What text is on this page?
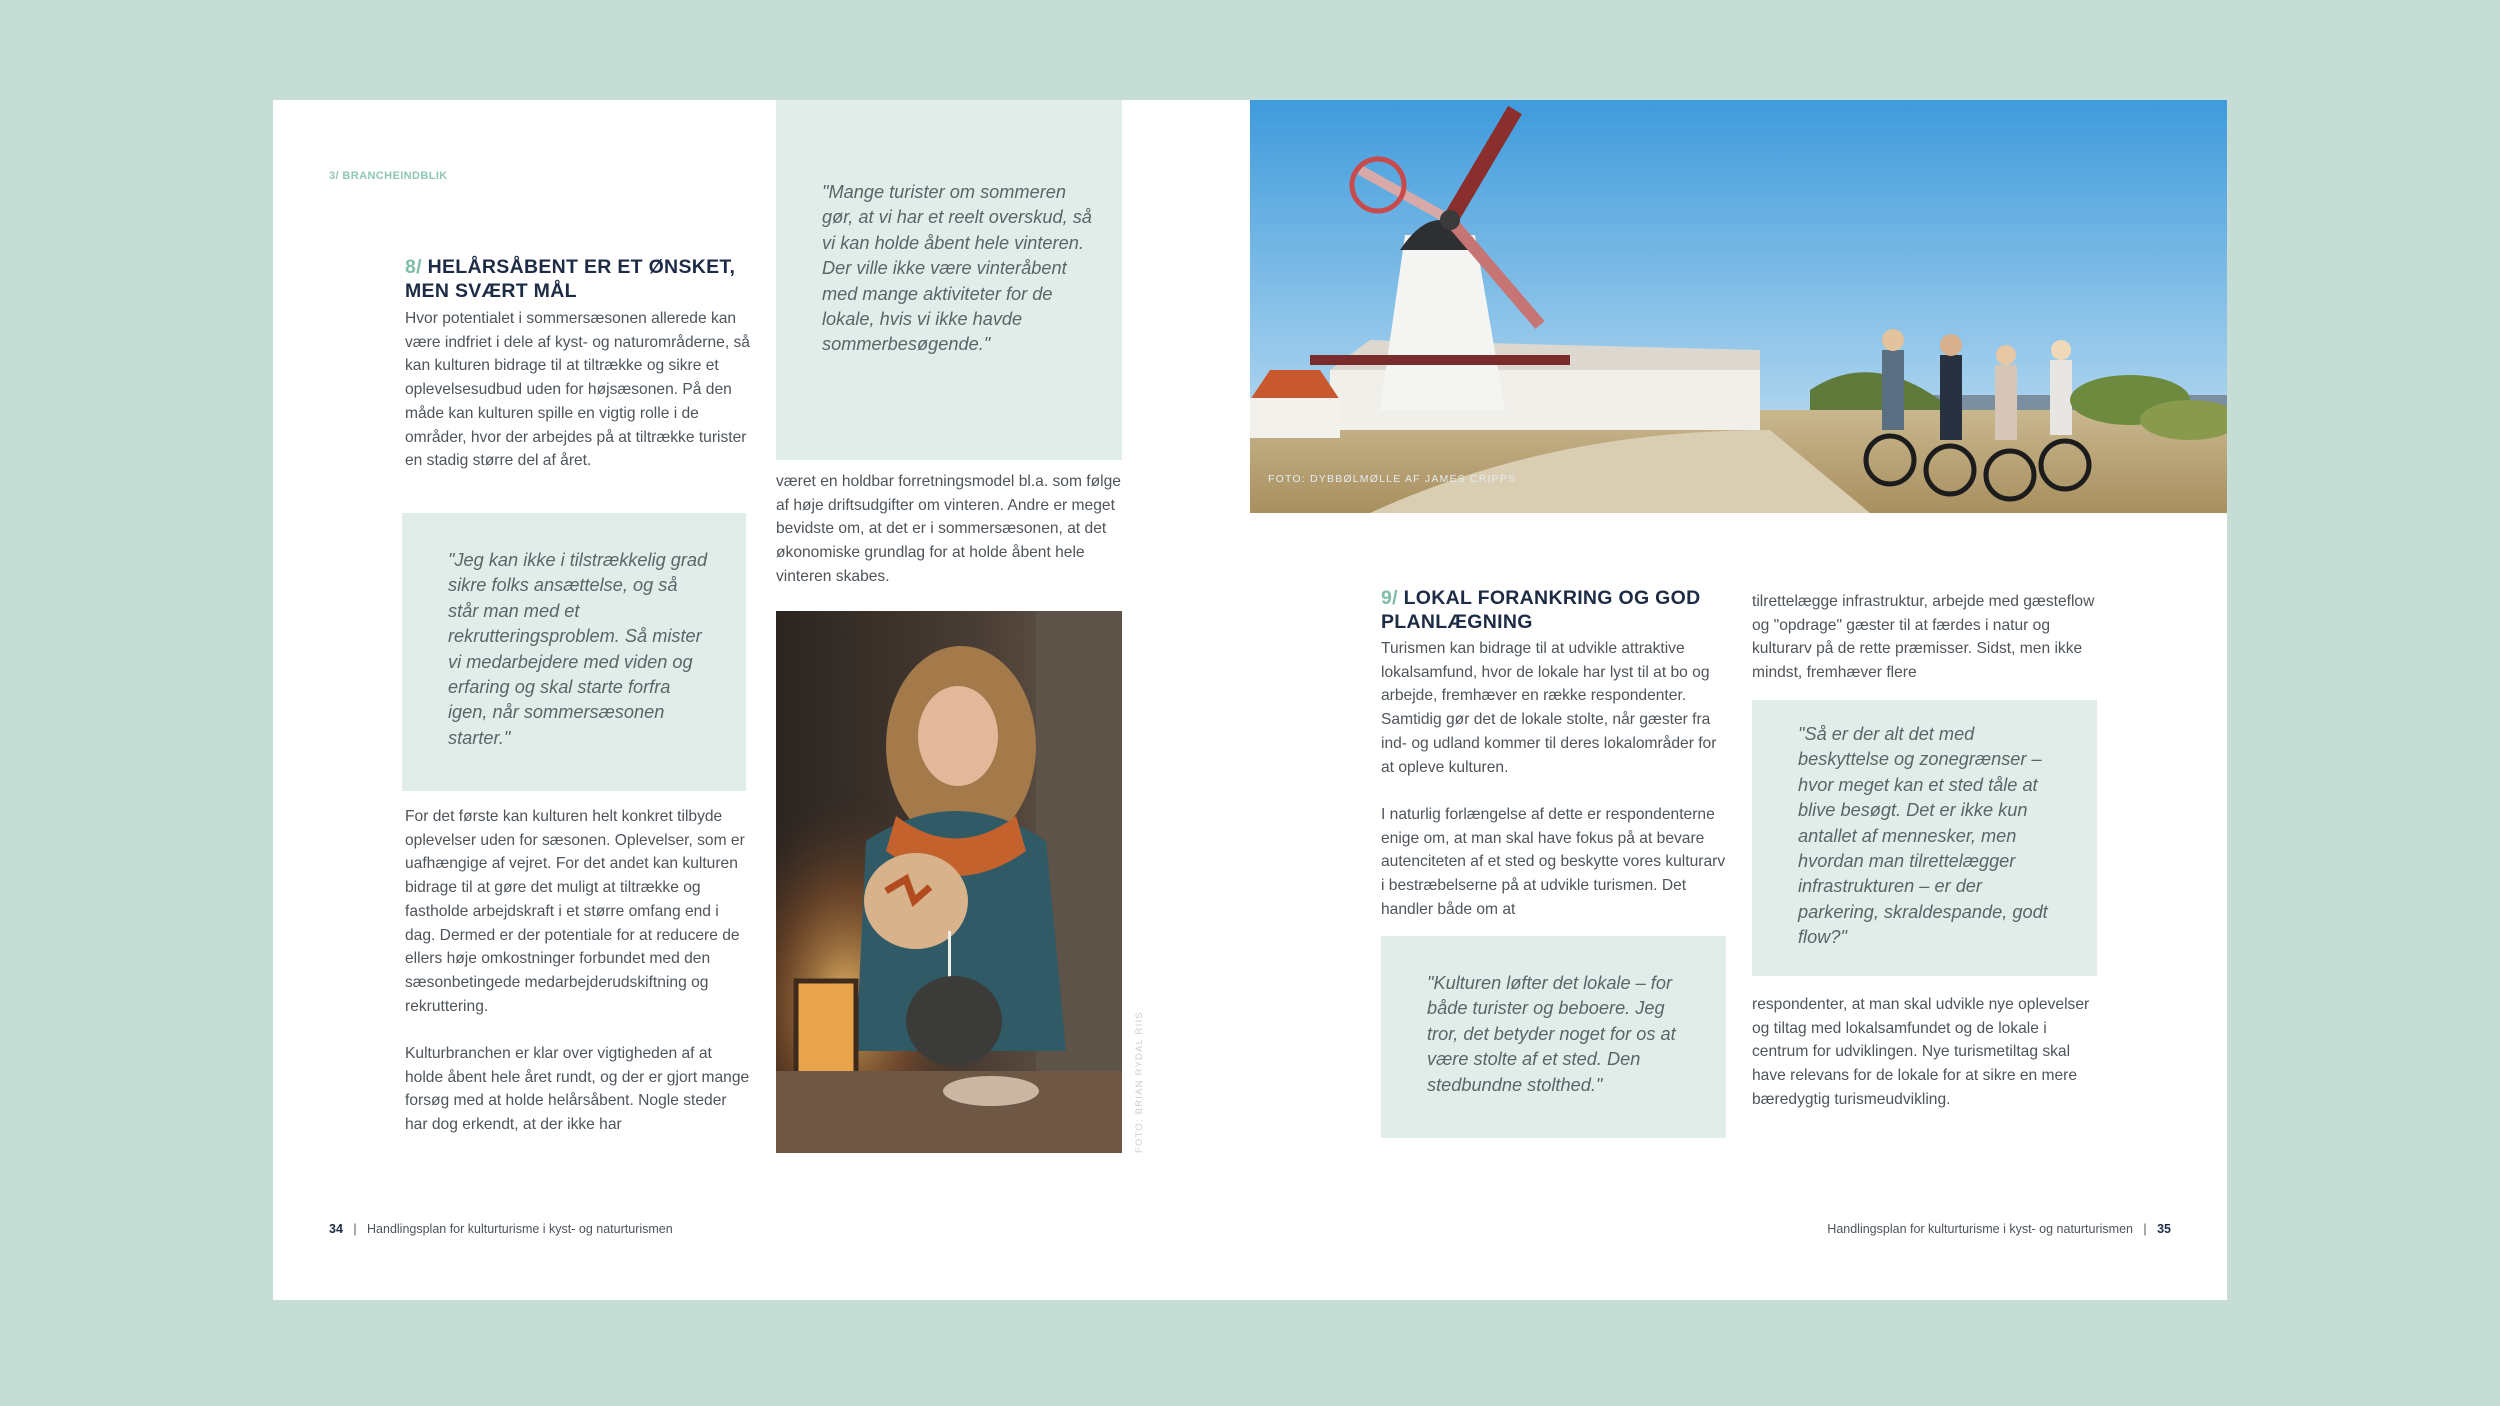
3/ BRANCHEINDBLIK
8/ HELÅRSÅBENT ER ET ØNSKET, MEN SVÆRT MÅL
Hvor potentialet i sommersæsonen allerede kan være indfriet i dele af kyst- og naturområderne, så kan kulturen bidrage til at tiltrække og sikre et oplevelsesudbud uden for højsæsonen. På den måde kan kulturen spille en vigtig rolle i de områder, hvor der arbejdes på at tiltrække turister en stadig større del af året.
"Jeg kan ikke i tilstrækkelig grad sikre folks ansættelse, og så står man med et rekrutteringsproblem. Så mister vi medarbejdere med viden og erfaring og skal starte forfra igen, når sommersæsonen starter."

For det første kan kulturen helt konkret tilbyde oplevelser uden for sæsonen. Oplevelser, som er uafhængige af vejret. For det andet kan kulturen bidrage til at gøre det muligt at tiltrække og fastholde arbejdskraft i et større omfang end i dag. Dermed er der potentiale for at reducere de ellers høje omkostninger forbundet med den sæsonbetingede medarbejderudskiftning og rekruttering.

Kulturbranchen er klar over vigtigheden af at holde åbent hele året rundt, og der er gjort mange forsøg med at holde helårsåbent. Nogle steder har dog erkendt, at der ikke har

"Mange turister om sommeren gør, at vi har et reelt overskud, så vi kan holde åbent hele vinteren. Der ville ikke være vinteråbent med mange aktiviteter for de lokale, hvis vi ikke havde sommerbesøgende."
været en holdbar forretningsmodel bl.a. som følge af høje driftsudgifter om vinteren. Andre er meget bevidste om, at det er i sommersæsonen, at det økonomiske grundlag for at holde åbent hele vinteren skabes.
FOTO: BRIAN RYDAL RIIS
34   |   Handlingsplan for kulturturisme i kyst- og naturturismen
FOTO: DYBBØLMØLLE AF JAMES CRIPPS
9/ LOKAL FORANKRING OG GOD PLANLÆGNING

Turismen kan bidrage til at udvikle attraktive lokalsamfund, hvor de lokale har lyst til at bo og arbejde, fremhæver en række respondenter. Samtidig gør det de lokale stolte, når gæster fra ind- og udland kommer til deres lokalområder for at opleve kulturen.

I naturlig forlængelse af dette er respondenterne enige om, at man skal have fokus på at bevare autenciteten af et sted og beskytte vores kulturarv i bestræbelserne på at udvikle turismen. Det handler både om at

"Kulturen løfter det lokale – for både turister og beboere. Jeg tror, det betyder noget for os at være stolte af et sted. Den stedbundne stolthed."
tilrettelægge infrastruktur, arbejde med gæsteflow og "opdrage" gæster til at færdes i natur og kulturarv på de rette præmisser. Sidst, men ikke mindst, fremhæver flere
"Så er der alt det med beskyttelse og zonegrænser – hvor meget kan et sted tåle at blive besøgt. Det er ikke kun antallet af mennesker, men hvordan man tilrettelægger infrastrukturen – er der parkering, skraldespande, godt flow?"
respondenter, at man skal udvikle nye oplevelser og tiltag med lokalsamfundet og de lokale i centrum for udviklingen. Nye turismetiltag skal have relevans for de lokale for at sikre en mere bæredygtig turismeudvikling.
Handlingsplan for kulturturisme i kyst- og naturturismen   |   35
